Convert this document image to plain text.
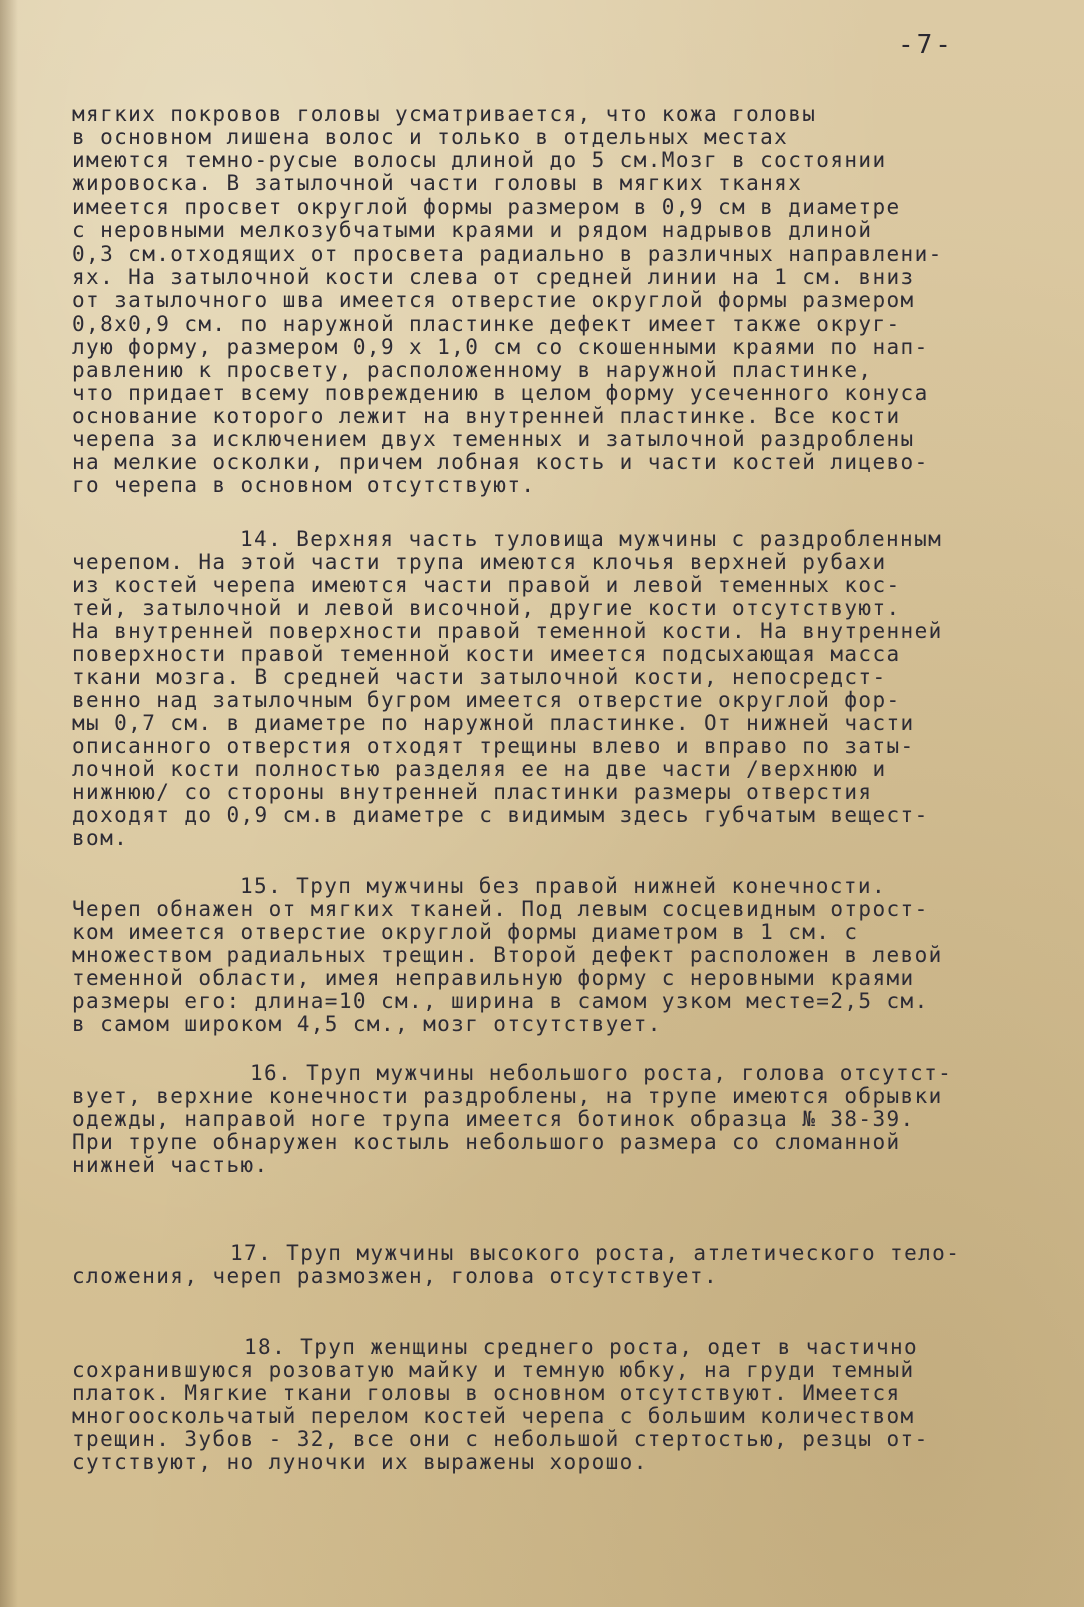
-7-
мягких покровов головы усматривается, что кожа головы
в основном лишена волос и только в отдельных местах
имеются темно-русые волосы длиной до 5 см.Мозг в состоянии
жировоска. В затылочной части головы в мягких тканях
имеется просвет округлой формы размером в 0,9 см в диаметре
с неровными мелкозубчатыми краями и рядом надрывов длиной
0,3 см.отходящих от просвета радиально в различных направлени-
ях. На затылочной кости слева от средней линии на 1 см. вниз
от затылочного шва имеется отверстие округлой формы размером
0,8х0,9 см. по наружной пластинке дефект имеет также округ-
лую форму, размером 0,9 х 1,0 см со скошенными краями по нап-
равлению к просвету, расположенному в наружной пластинке,
что придает всему повреждению в целом форму усеченного конуса
основание которого лежит на внутренней пластинке. Все кости
черепа за исключением двух теменных и затылочной раздроблены
на мелкие осколки, причем лобная кость и части костей лицево-
го черепа в основном отсутствуют.
14. Верхняя часть туловища мужчины с раздробленным
черепом. На этой части трупа имеются клочья верхней рубахи
из костей черепа имеются части правой и левой теменных кос-
тей, затылочной и левой височной, другие кости отсутствуют.
На внутренней поверхности правой теменной кости. На внутренней
поверхности правой теменной кости имеется подсыхающая масса
ткани мозга. В средней части затылочной кости, непосредст-
венно над затылочным бугром имеется отверстие округлой фор-
мы 0,7 см. в диаметре по наружной пластинке. От нижней части
описанного отверстия отходят трещины влево и вправо по заты-
лочной кости полностью разделяя ее на две части /верхнюю и
нижнюю/ со стороны внутренней пластинки размеры отверстия
доходят до 0,9 см.в диаметре с видимым здесь губчатым вещест-
вом.
15. Труп мужчины без правой нижней конечности.
Череп обнажен от мягких тканей. Под левым сосцевидным отрост-
ком имеется отверстие округлой формы диаметром в 1 см. с
множеством радиальных трещин. Второй дефект расположен в левой
теменной области, имея неправильную форму с неровными краями
размеры его: длина=10 см., ширина в самом узком месте=2,5 см.
в самом широком 4,5 см., мозг отсутствует.
16. Труп мужчины небольшого роста, голова отсутст-
вует, верхние конечности раздроблены, на трупе имеются обрывки
одежды, направой ноге трупа имеется ботинок образца № 38-39.
При трупе обнаружен костыль небольшого размера со сломанной
нижней частью.
17. Труп мужчины высокого роста, атлетического тело-
сложения, череп размозжен, голова отсутствует.
18. Труп женщины среднего роста, одет в частично
сохранившуюся розоватую майку и темную юбку, на груди темный
платок. Мягкие ткани головы в основном отсутствуют. Имеется
многооскольчатый перелом костей черепа с большим количеством
трещин. Зубов - 32, все они с небольшой стертостью, резцы от-
сутствуют, но луночки их выражены хорошо.
